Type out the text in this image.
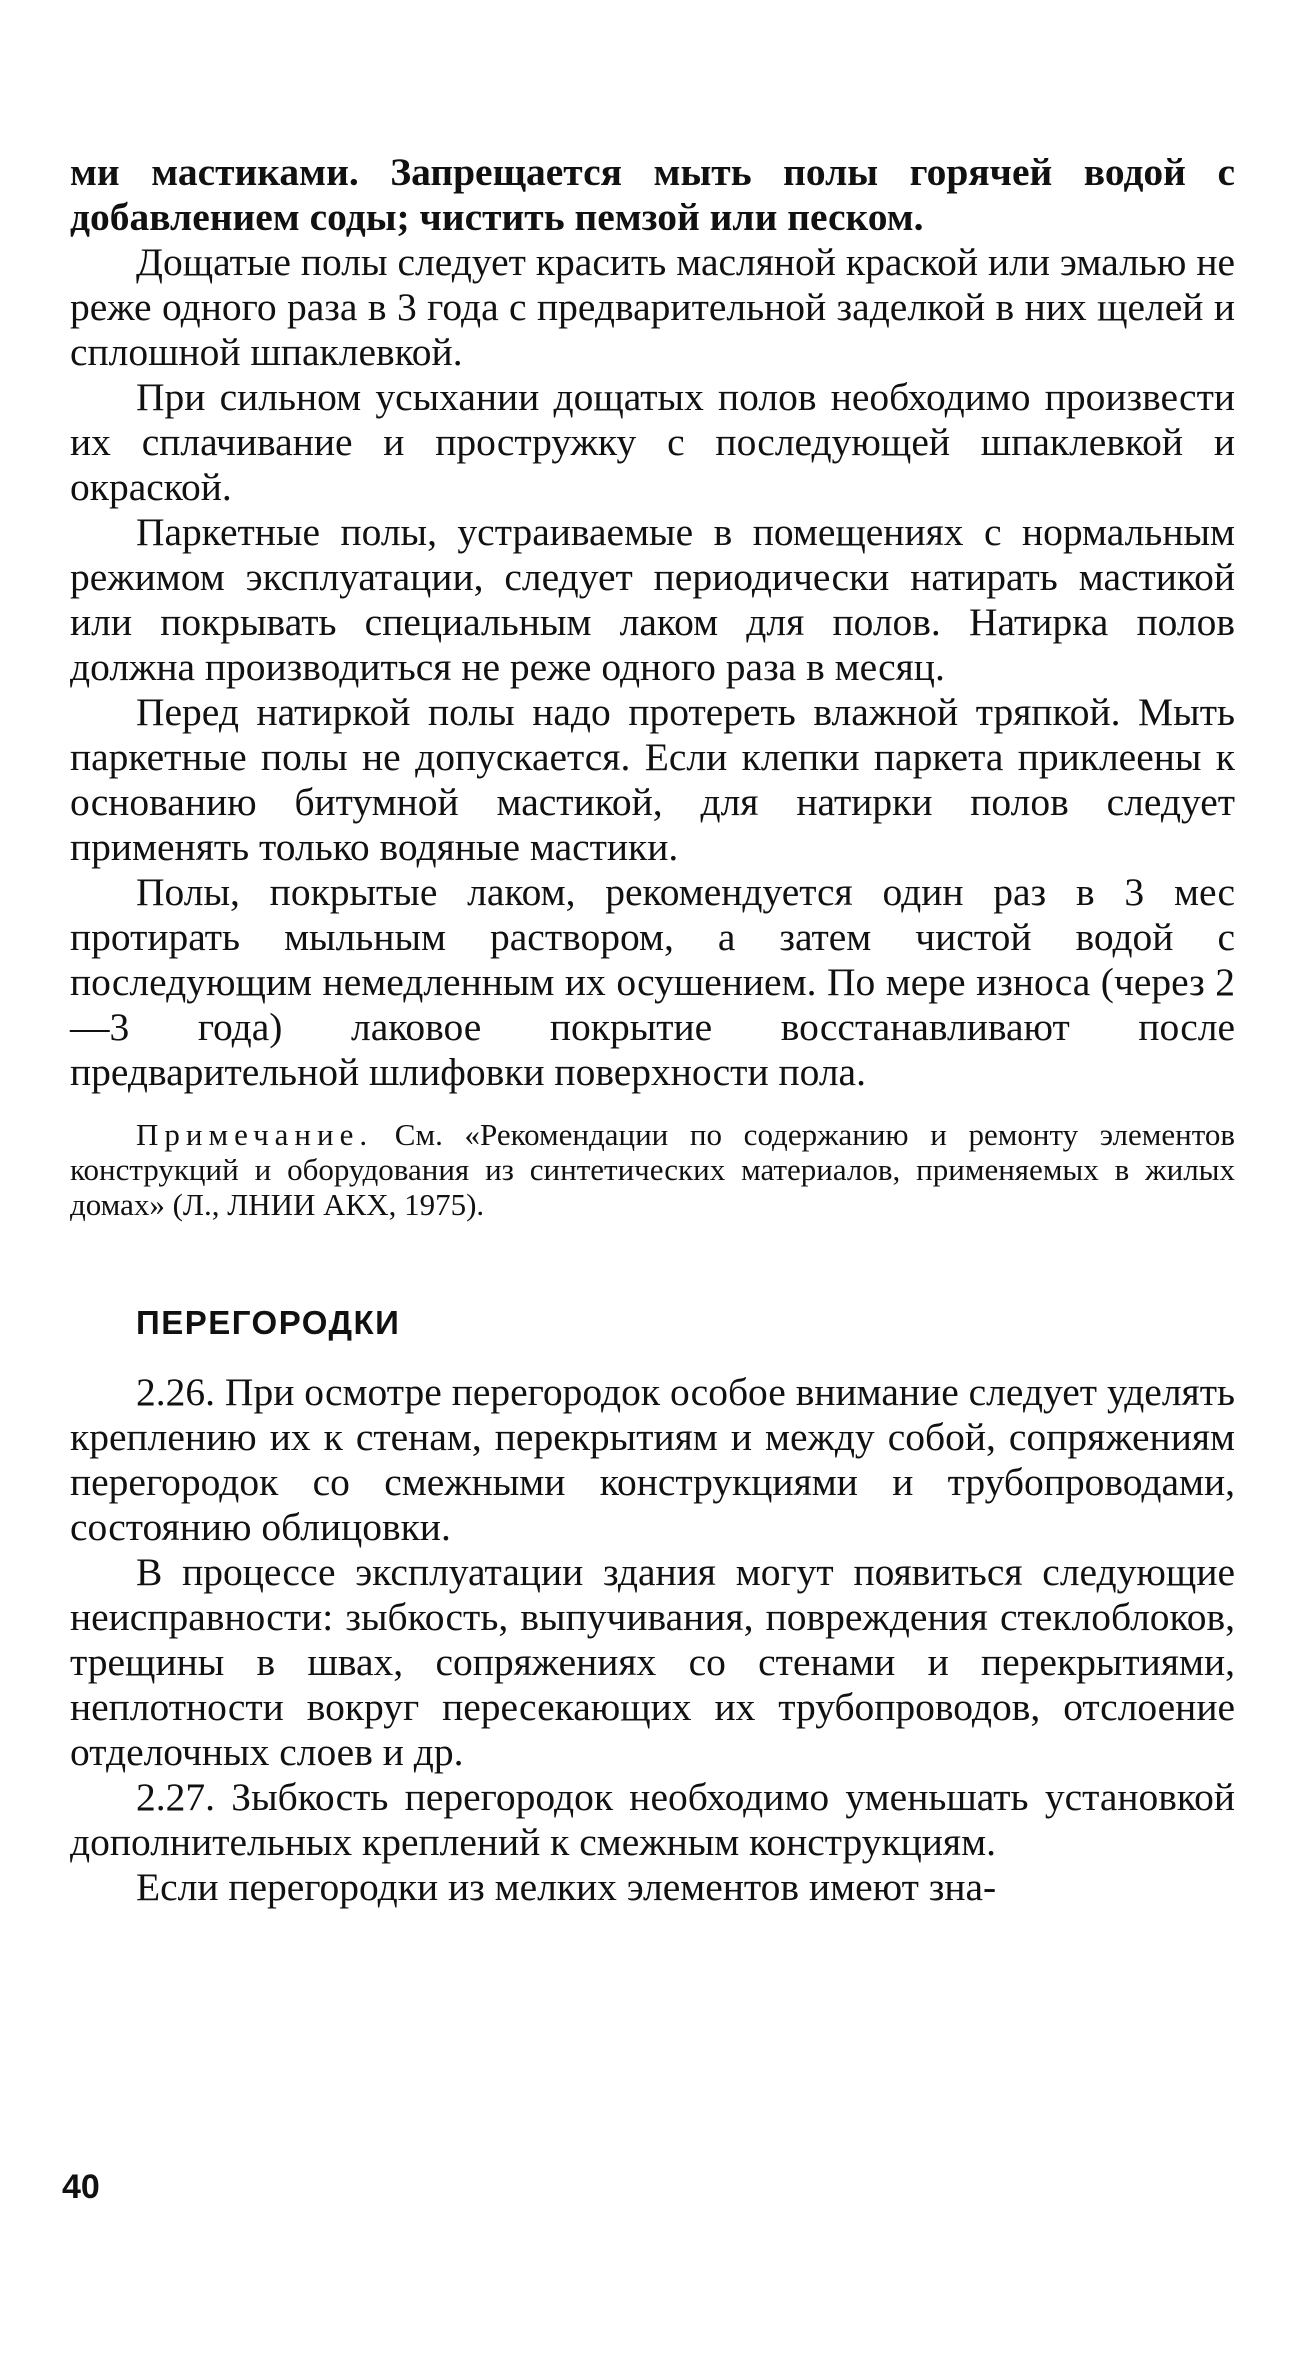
ми мастиками. Запрещается мыть полы горячей водой с добавлением соды; чистить пемзой или песком.

Дощатые полы следует красить масляной краской или эмалью не реже одного раза в 3 года с предварительной заделкой в них щелей и сплошной шпаклевкой.

При сильном усыхании дощатых полов необходимо произвести их сплачивание и простружку с последующей шпаклевкой и окраской.

Паркетные полы, устраиваемые в помещениях с нормальным режимом эксплуатации, следует периодически натирать мастикой или покрывать специальным лаком для полов. Натирка полов должна производиться не реже одного раза в месяц.

Перед натиркой полы надо протереть влажной тряпкой. Мыть паркетные полы не допускается. Если клепки паркета приклеены к основанию битумной мастикой, для натирки полов следует применять только водяные мастики.

Полы, покрытые лаком, рекомендуется один раз в 3 мес протирать мыльным раствором, а затем чистой водой с последующим немедленным их осушением. По мере износа (через 2—3 года) лаковое покрытие восстанавливают после предварительной шлифовки поверхности пола.

Примечание. См. «Рекомендации по содержанию и ремонту элементов конструкций и оборудования из синтетических материалов, применяемых в жилых домах» (Л., ЛНИИ АКХ, 1975).

ПЕРЕГОРОДКИ

2.26. При осмотре перегородок особое внимание следует уделять креплению их к стенам, перекрытиям и между собой, сопряжениям перегородок со смежными конструкциями и трубопроводами, состоянию облицовки.

В процессе эксплуатации здания могут появиться следующие неисправности: зыбкость, выпучивания, повреждения стеклоблоков, трещины в швах, сопряжениях со стенами и перекрытиями, неплотности вокруг пересекающих их трубопроводов, отслоение отделочных слоев и др.

2.27. Зыбкость перегородок необходимо уменьшать установкой дополнительных креплений к смежным конструкциям.

Если перегородки из мелких элементов имеют зна-

40
